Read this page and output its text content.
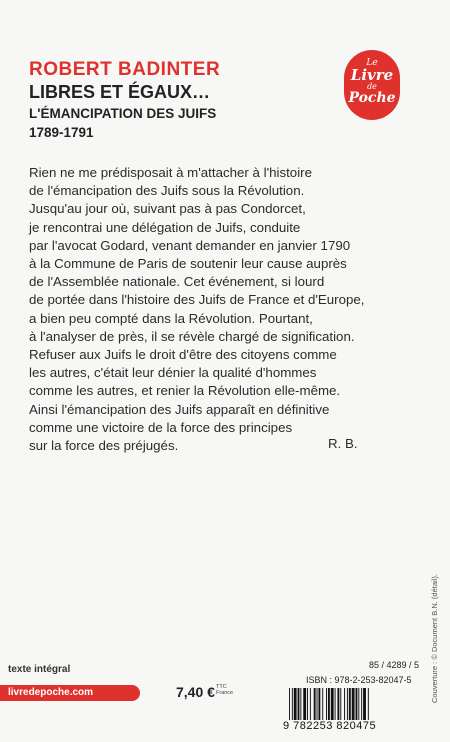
ROBERT BADINTER
LIBRES ET ÉGAUX…
L'ÉMANCIPATION DES JUIFS
1789-1791
Le
Livre
de
Poche
Rien ne me prédisposait à m'attacher à l'histoire
de l'émancipation des Juifs sous la Révolution.
Jusqu'au jour où, suivant pas à pas Condorcet,
je rencontrai une délégation de Juifs, conduite
par l'avocat Godard, venant demander en janvier 1790
à la Commune de Paris de soutenir leur cause auprès
de l'Assemblée nationale. Cet événement, si lourd
de portée dans l'histoire des Juifs de France et d'Europe,
a bien peu compté dans la Révolution. Pourtant,
à l'analyser de près, il se révèle chargé de signification.
Refuser aux Juifs le droit d'être des citoyens comme
les autres, c'était leur dénier la qualité d'hommes
comme les autres, et renier la Révolution elle-même.
Ainsi l'émancipation des Juifs apparaît en définitive
comme une victoire de la force des principes
sur la force des préjugés.	R. B.
texte intégral
livredepoche.com	7,40 € TTC
France
85 / 4289 / 5
ISBN : 978-2-253-82047-5
9 782253 820475
Couverture : © Document B.N. (détail).
